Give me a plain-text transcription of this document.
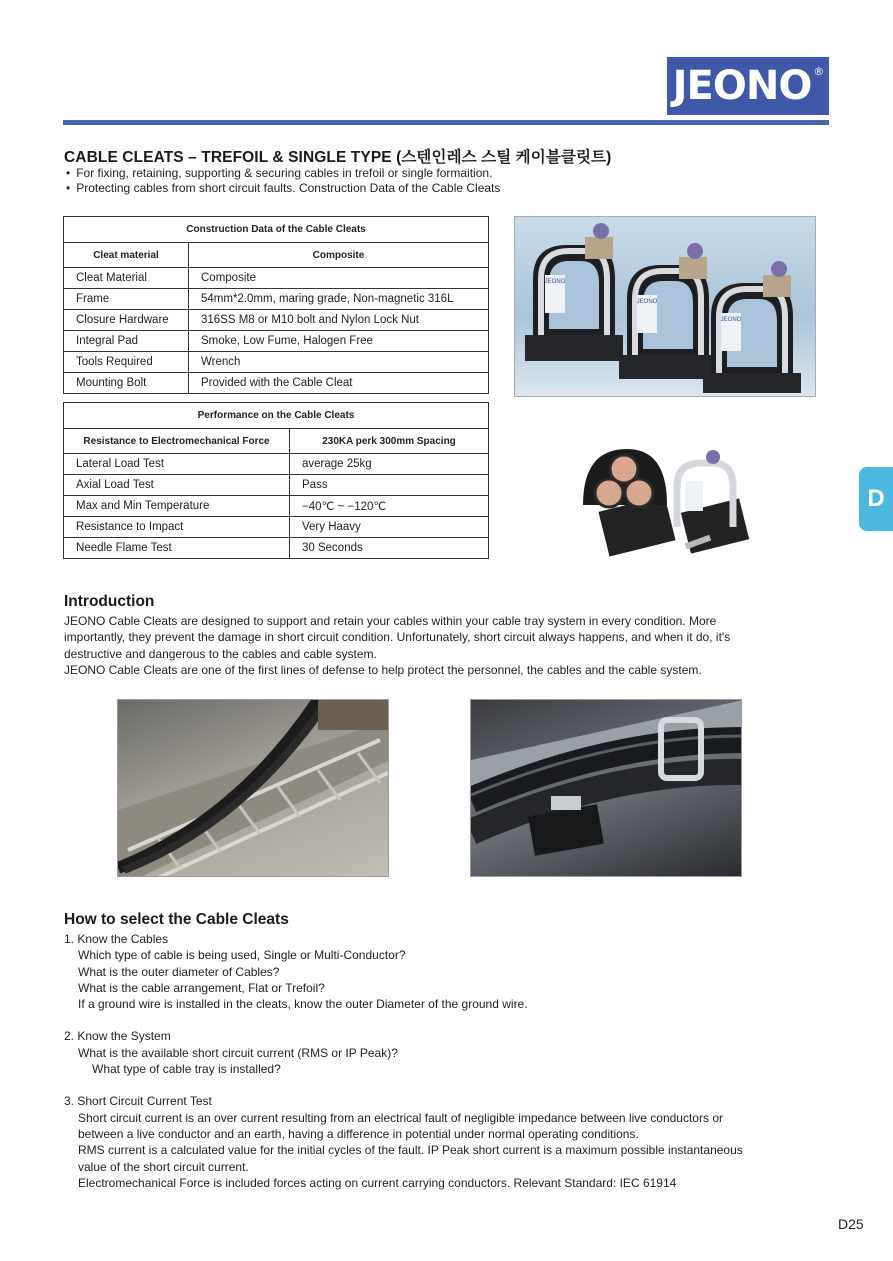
JEONO®
CABLE CLEATS – TREFOIL & SINGLE TYPE (스텐인레스 스틸 케이블클릿트)
• For fixing, retaining, supporting & securing cables in trefoil or single formaition.
• Protecting cables from short circuit faults. Construction Data of the Cable Cleats
Construction Data of the Cable Cleats	
Cleat material	Composite
Cleat Material	Composite
Frame	54mm*2.0mm, maring grade, Non-magnetic 316L
Closure Hardware	316SS M8 or M10 bolt and Nylon Lock Nut
Integral Pad	Smoke, Low Fume, Halogen Free
Tools Required	Wrench
Mounting Bolt	Provided with the Cable Cleat
Performance on the Cable Cleats	
Resistance to Electromechanical Force	230KA perk 300mm Spacing
Lateral Load Test	average 25kg
Axial Load Test	Pass
Max and Min Temperature	−40℃ ~ −120℃
Resistance to Impact	Very Haavy
Needle Flame Test	30 Seconds
JEONO
JEONO
JEONO
D
Introduction
JEONO Cable Cleats are designed to support and retain your cables within your cable tray system in every condition. More
importantly, they prevent the damage in short circuit condition. Unfortunately, short circuit always happens, and when it do, it's
destructive and dangerous to the cables and cable system.
JEONO Cable Cleats are one of the first lines of defense to help protect the personnel, the cables and the cable system.
How to select the Cable Cleats
1. Know the Cables
Which type of cable is being used, Single or Multi-Conductor?
What is the outer diameter of Cables?
What is the cable arrangement, Flat or Trefoil?
If a ground wire is installed in the cleats, know the outer Diameter of the ground wire.
2. Know the System
What is the available short circuit current (RMS or IP Peak)?
What type of cable tray is installed?
3. Short Circuit Current Test
Short circuit current is an over current resulting from an electrical fault of negligible impedance between live conductors or
between a live conductor and an earth, having a difference in potential under normal operating conditions.
RMS current is a calculated value for the initial cycles of the fault. IP Peak short current is a maximum possible instantaneous
value of the short circuit current.
Electromechanical Force is included forces acting on current carrying conductors. Relevant Standard: IEC 61914
D25
